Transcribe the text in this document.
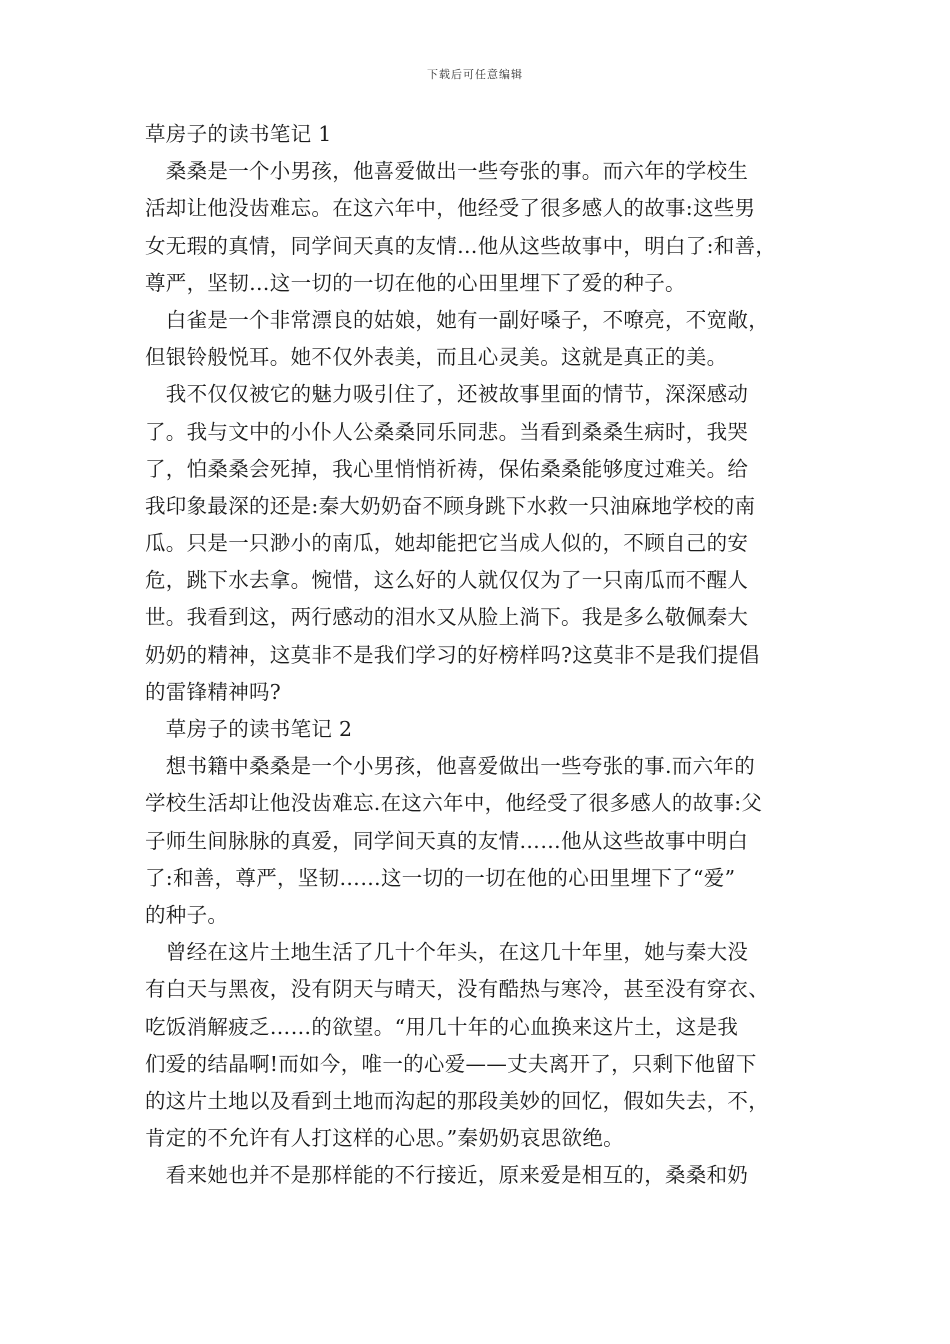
下载后可任意编辑
草房子的读书笔记 1
　桑桑是一个小男孩，他喜爱做出一些夸张的事。而六年的学校生
活却让他没齿难忘。在这六年中，他经受了很多感人的故事:这些男
女无瑕的真情，同学间天真的友情…他从这些故事中，明白了:和善，
尊严，坚韧…这一切的一切在他的心田里埋下了爱的种子。
　白雀是一个非常漂良的姑娘，她有一副好嗓子，不嘹亮，不宽敞，
但银铃般悦耳。她不仅外表美，而且心灵美。这就是真正的美。
　我不仅仅被它的魅力吸引住了，还被故事里面的情节，深深感动
了。我与文中的小仆人公桑桑同乐同悲。当看到桑桑生病时，我哭
了，怕桑桑会死掉，我心里悄悄祈祷，保佑桑桑能够度过难关。给
我印象最深的还是:秦大奶奶奋不顾身跳下水救一只油麻地学校的南
瓜。只是一只渺小的南瓜，她却能把它当成人似的，不顾自己的安
危，跳下水去拿。惋惜，这么好的人就仅仅为了一只南瓜而不醒人
世。我看到这，两行感动的泪水又从脸上淌下。我是多么敬佩秦大
奶奶的精神，这莫非不是我们学习的好榜样吗?这莫非不是我们提倡
的雷锋精神吗?
　草房子的读书笔记 2
　想书籍中桑桑是一个小男孩，他喜爱做出一些夸张的事.而六年的
学校生活却让他没齿难忘.在这六年中，他经受了很多感人的故事:父
子师生间脉脉的真爱，同学间天真的友情……他从这些故事中明白
了:和善，尊严，坚韧……这一切的一切在他的心田里埋下了“爱”
的种子。
　曾经在这片土地生活了几十个年头，在这几十年里，她与秦大没
有白天与黑夜，没有阴天与晴天，没有酷热与寒冷，甚至没有穿衣、
吃饭消解疲乏……的欲望。“用几十年的心血换来这片土，这是我
们爱的结晶啊!而如今，唯一的心爱——丈夫离开了，只剩下他留下
的这片土地以及看到土地而沟起的那段美妙的回忆，假如失去，不，
肯定的不允许有人打这样的心思。”秦奶奶哀思欲绝。
　看来她也并不是那样能的不行接近，原来爱是相互的，桑桑和奶
